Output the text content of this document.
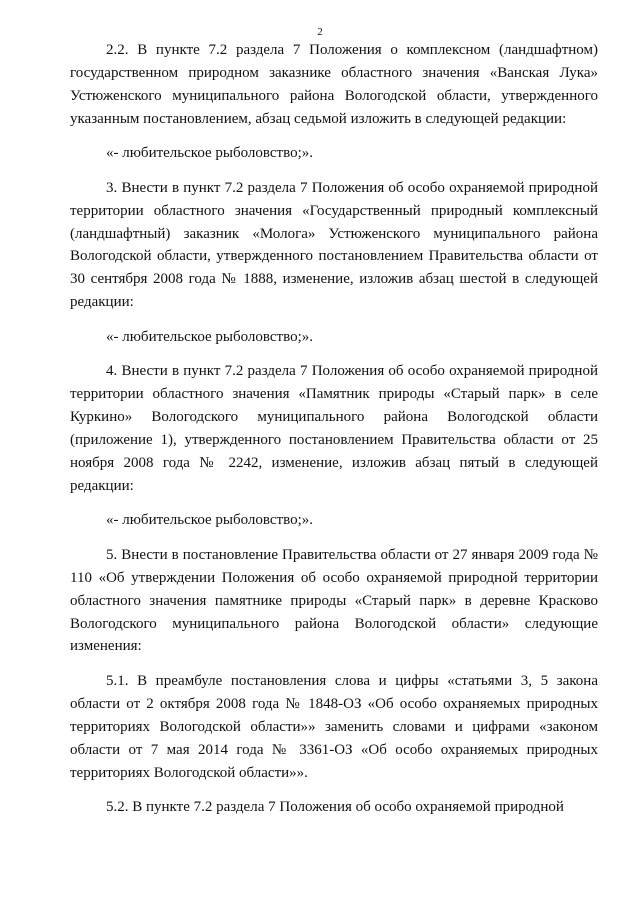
2

2.2. В пункте 7.2 раздела 7 Положения о комплексном (ландшафтном) государственном природном заказнике областного значения «Ванская Лука» Устюженского муниципального района Вологодской области, утвержденного указанным постановлением, абзац седьмой изложить в следующей редакции:

«- любительское рыболовство;».

3. Внести в пункт 7.2 раздела 7 Положения об особо охраняемой природной территории областного значения «Государственный природный комплексный (ландшафтный) заказник «Молога» Устюженского муниципального района Вологодской области, утвержденного постановлением Правительства области от 30 сентября 2008 года № 1888, изменение, изложив абзац шестой в следующей редакции:

«- любительское рыболовство;».

4. Внести в пункт 7.2 раздела 7 Положения об особо охраняемой природной территории областного значения «Памятник природы «Старый парк» в селе Куркино» Вологодского муниципального района Вологодской области (приложение 1), утвержденного постановлением Правительства области от 25 ноября 2008 года № 2242, изменение, изложив абзац пятый в следующей редакции:

«- любительское рыболовство;».

5. Внести в постановление Правительства области от 27 января 2009 года № 110 «Об утверждении Положения об особо охраняемой природной территории областного значения памятнике природы «Старый парк» в деревне Красково Вологодского муниципального района Вологодской области» следующие изменения:

5.1. В преамбуле постановления слова и цифры «статьями 3, 5 закона области от 2 октября 2008 года № 1848-ОЗ «Об особо охраняемых природных территориях Вологодской области»» заменить словами и цифрами «законом области от 7 мая 2014 года № 3361-ОЗ «Об особо охраняемых природных территориях Вологодской области»».

5.2. В пункте 7.2 раздела 7 Положения об особо охраняемой природной
